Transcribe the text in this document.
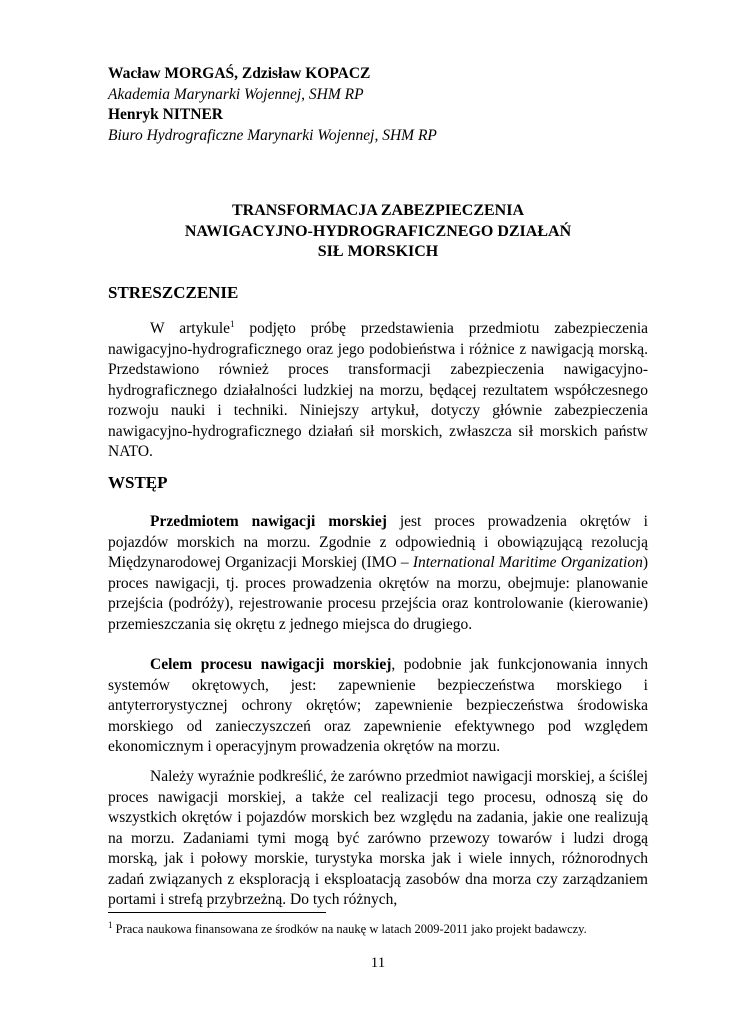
Wacław MORGAŚ, Zdzisław KOPACZ
Akademia Marynarki Wojennej, SHM RP
Henryk NITNER
Biuro Hydrograficzne Marynarki Wojennej, SHM RP
TRANSFORMACJA ZABEZPIECZENIA
NAWIGACYJNO-HYDROGRAFICZNEGO DZIAŁAŃ
SIŁ MORSKICH
STRESZCZENIE
W artykule$^1$ podjęto próbę przedstawienia przedmiotu zabezpieczenia nawigacyjno-hydrograficznego oraz jego podobieństwa i różnice z nawigacją morską. Przedstawiono również proces transformacji zabezpieczenia nawigacyjno-hydrograficznego działalności ludzkiej na morzu, będącej rezultatem współczesnego rozwoju nauki i techniki. Niniejszy artykuł, dotyczy głównie zabezpieczenia nawigacyjno-hydrograficznego działań sił morskich, zwłaszcza sił morskich państw NATO.
WSTĘP
Przedmiotem nawigacji morskiej jest proces prowadzenia okrętów i pojazdów morskich na morzu. Zgodnie z odpowiednią i obowiązującą rezolucją Międzynarodowej Organizacji Morskiej (IMO – International Maritime Organization) proces nawigacji, tj. proces prowadzenia okrętów na morzu, obejmuje: planowanie przejścia (podróży), rejestrowanie procesu przejścia oraz kontrolowanie (kierowanie) przemieszczania się okrętu z jednego miejsca do drugiego.
Celem procesu nawigacji morskiej, podobnie jak funkcjonowania innych systemów okrętowych, jest: zapewnienie bezpieczeństwa morskiego i antyterrorystycznej ochrony okrętów; zapewnienie bezpieczeństwa środowiska morskiego od zanieczyszczeń oraz zapewnienie efektywnego pod względem ekonomicznym i operacyjnym prowadzenia okrętów na morzu.
Należy wyraźnie podkreślić, że zarówno przedmiot nawigacji morskiej, a ściślej proces nawigacji morskiej, a także cel realizacji tego procesu, odnoszą się do wszystkich okrętów i pojazdów morskich bez względu na zadania, jakie one realizują na morzu. Zadaniami tymi mogą być zarówno przewozy towarów i ludzi drogą morską, jak i połowy morskie, turystyka morska jak i wiele innych, różnorodnych zadań związanych z eksploracją i eksploatacją zasobów dna morza czy zarządzaniem portami i strefą przybrzeżną. Do tych różnych,
$^1$ Praca naukowa finansowana ze środków na naukę w latach 2009-2011 jako projekt badawczy.
11
